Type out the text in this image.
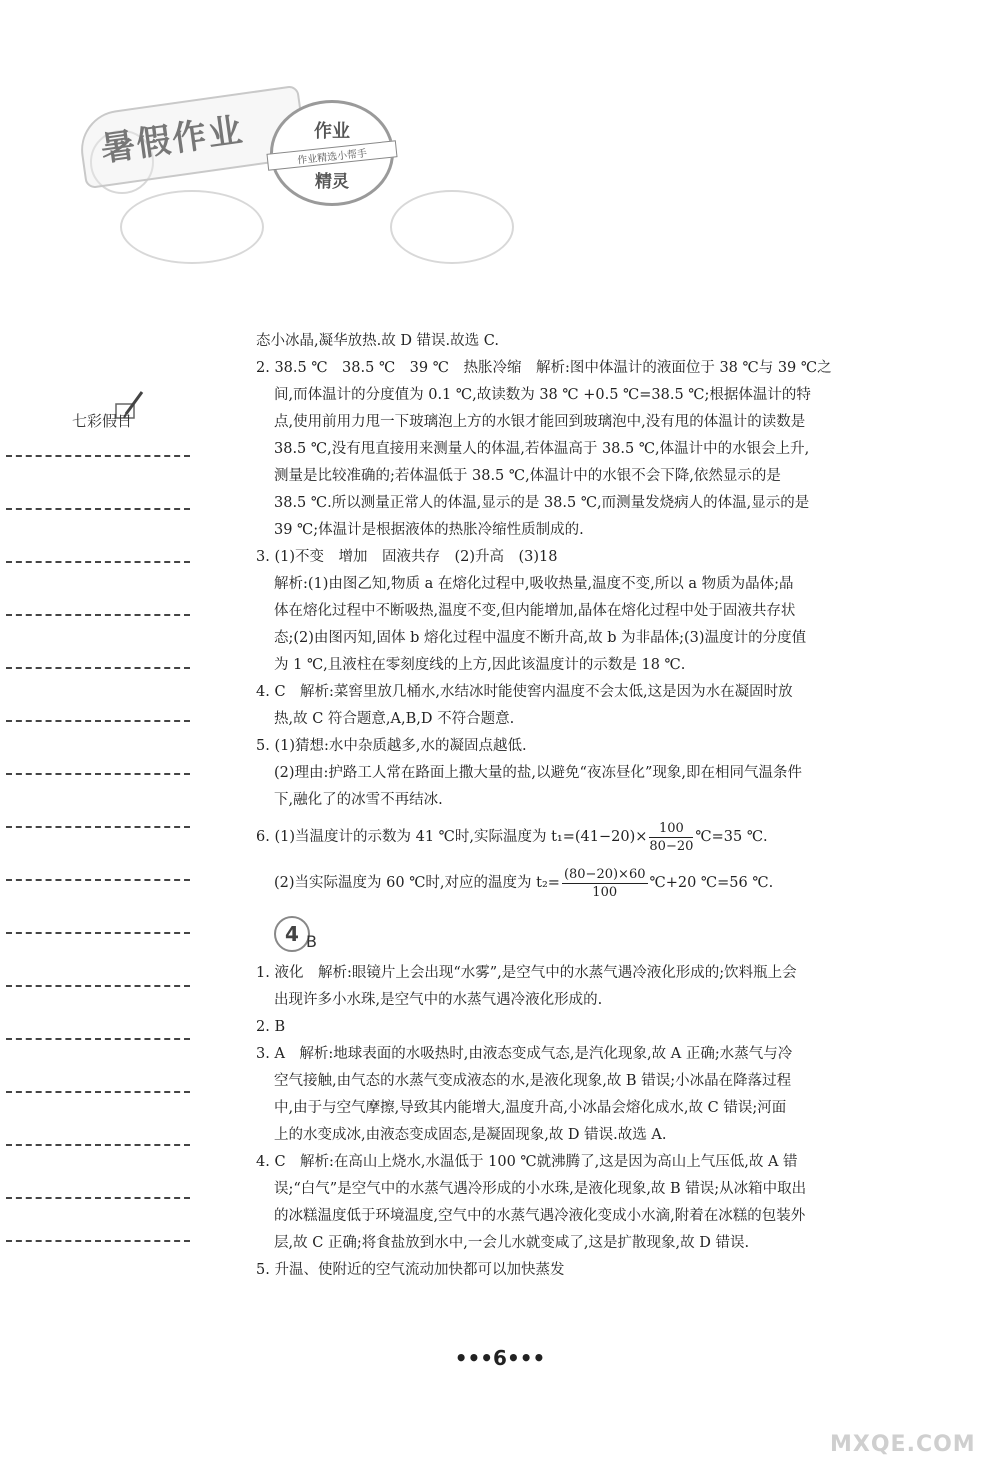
暑假作业	作业
作业精选小帮手
精灵
七彩假日
态小冰晶,凝华放热.故 D 错误.故选 C.
2. 38.5 ℃　38.5 ℃　39 ℃　热胀冷缩　解析:图中体温计的液面位于 38 ℃与 39 ℃之
间,而体温计的分度值为 0.1 ℃,故读数为 38 ℃ +0.5 ℃=38.5 ℃;根据体温计的特
点,使用前用力甩一下玻璃泡上方的水银才能回到玻璃泡中,没有甩的体温计的读数是
38.5 ℃,没有甩直接用来测量人的体温,若体温高于 38.5 ℃,体温计中的水银会上升,
测量是比较准确的;若体温低于 38.5 ℃,体温计中的水银不会下降,依然显示的是
38.5 ℃.所以测量正常人的体温,显示的是 38.5 ℃,而测量发烧病人的体温,显示的是
39 ℃;体温计是根据液体的热胀冷缩性质制成的.
3. (1)不变　增加　固液共存　(2)升高　(3)18
解析:(1)由图乙知,物质 a 在熔化过程中,吸收热量,温度不变,所以 a 物质为晶体;晶
体在熔化过程中不断吸热,温度不变,但内能增加,晶体在熔化过程中处于固液共存状
态;(2)由图丙知,固体 b 熔化过程中温度不断升高,故 b 为非晶体;(3)温度计的分度值
为 1 ℃,且液柱在零刻度线的上方,因此该温度计的示数是 18 ℃.
4. C　解析:菜窖里放几桶水,水结冰时能使窖内温度不会太低,这是因为水在凝固时放
热,故 C 符合题意,A,B,D 不符合题意.
5. (1)猜想:水中杂质越多,水的凝固点越低.
(2)理由:护路工人常在路面上撒大量的盐,以避免“夜冻昼化”现象,即在相同气温条件
下,融化了的冰雪不再结冰.
6. (1)当温度计的示数为 41 ℃时,实际温度为 $t_1=(41-20)\times \frac{100}{80-20}$ ℃=35 ℃.
(2)当实际温度为 60 ℃时,对应的温度为 $t_2= \frac{(80-20)\times 60}{100}$ ℃+20 ℃=56 ℃.
4 B
1. 液化　解析:眼镜片上会出现“水雾”,是空气中的水蒸气遇冷液化形成的;饮料瓶上会
出现许多小水珠,是空气中的水蒸气遇冷液化形成的.
2. B
3. A　解析:地球表面的水吸热时,由液态变成气态,是汽化现象,故 A 正确;水蒸气与冷
空气接触,由气态的水蒸气变成液态的水,是液化现象,故 B 错误;小冰晶在降落过程
中,由于与空气摩擦,导致其内能增大,温度升高,小冰晶会熔化成水,故 C 错误;河面
上的水变成冰,由液态变成固态,是凝固现象,故 D 错误.故选 A.
4. C　解析:在高山上烧水,水温低于 100 ℃就沸腾了,这是因为高山上气压低,故 A 错
误;“白气”是空气中的水蒸气遇冷形成的小水珠,是液化现象,故 B 错误;从冰箱中取出
的冰糕温度低于环境温度,空气中的水蒸气遇冷液化变成小水滴,附着在冰糕的包装外
层,故 C 正确;将食盐放到水中,一会儿水就变咸了,这是扩散现象,故 D 错误.
5. 升温、使附近的空气流动加快都可以加快蒸发
•••6•••
MXQE.COM
